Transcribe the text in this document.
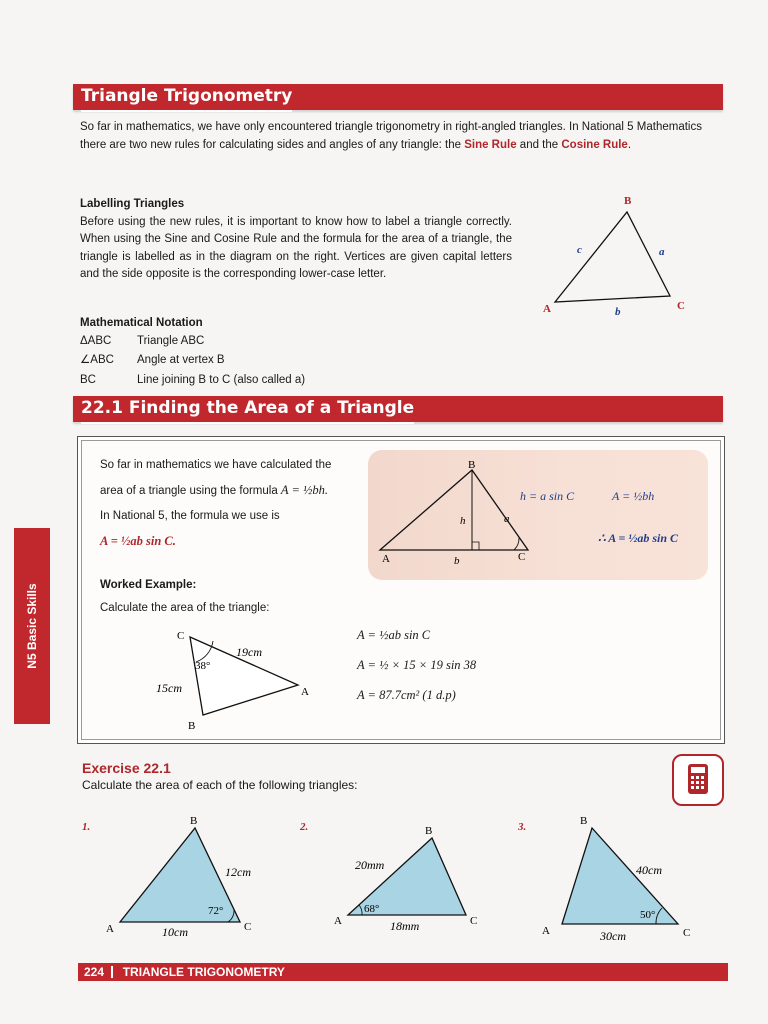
Triangle Trigonometry
So far in mathematics, we have only encountered triangle trigonometry in right-angled triangles. In National 5 Mathematics there are two new rules for calculating sides and angles of any triangle: the Sine Rule and the Cosine Rule.
Labelling Triangles
Before using the new rules, it is important to know how to label a triangle correctly. When using the Sine and Cosine Rule and the formula for the area of a triangle, the triangle is labelled as in the diagram on the right. Vertices are given capital letters and the side opposite is the corresponding lower-case letter.
B
A	C
c	a
b
Mathematical Notation
ΔABC	Triangle ABC
∠ABC	Angle at vertex B
BC	Line joining B to C (also called a)
22.1 Finding the Area of a Triangle
N5 Basic Skills
So far in mathematics we have calculated the
area of a triangle using the formula A = ½bh.
In National 5, the formula we use is
A = ½ab sin C.
B
A	C
h	a
b
h = a sin C	A = ½bh
∴ A = ½ab sin C
Worked Example:
Calculate the area of the triangle:
C
A
B
19cm
15cm
38°
A = ½ab sin C
A = ½ × 15 × 19 sin 38
A = 87.7cm² (1 d.p)
Exercise 22.1
Calculate the area of each of the following triangles:
1.	B
A	C
12cm
10cm
72°
2.	B
A	C
20mm
18mm
68°
3.	B
A	C
40cm
30cm
50°
224 TRIANGLE TRIGONOMETRY
